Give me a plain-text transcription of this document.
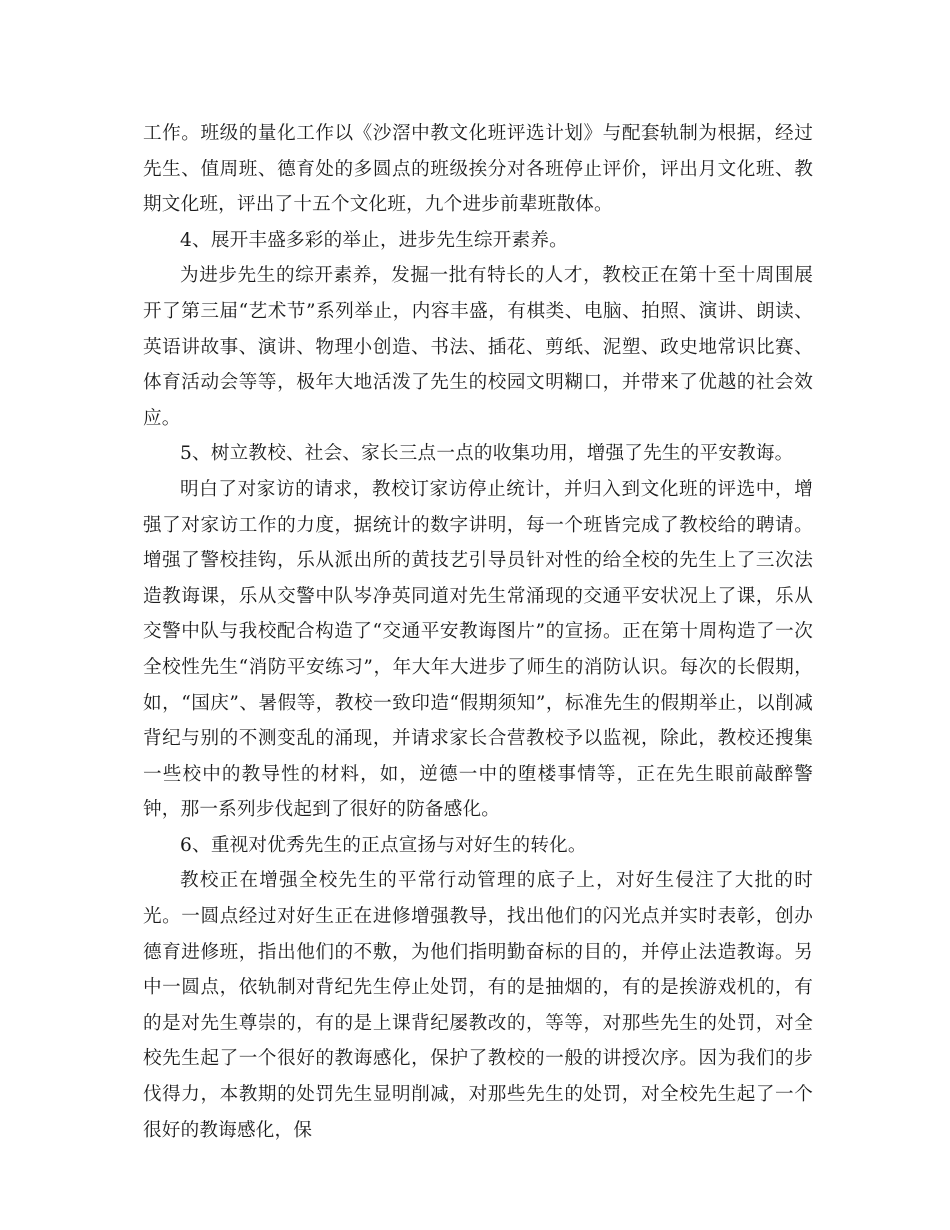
工作。班级的量化工作以《沙滘中教文化班评选计划》与配套轨制为根据，经过先生、值周班、德育处的多圆点的班级挨分对各班停止评价，评出月文化班、教期文化班，评出了十五个文化班，九个进步前辈班散体。

4、展开丰盛多彩的举止，进步先生综开素养。

为进步先生的综开素养，发掘一批有特长的人才，教校正在第十至十周围展开了第三届“艺术节”系列举止，内容丰盛，有棋类、电脑、拍照、演讲、朗读、英语讲故事、演讲、物理小创造、书法、插花、剪纸、泥塑、政史地常识比赛、体育活动会等等，极年大地活泼了先生的校园文明糊口，并带来了优越的社会效应。

5、树立教校、社会、家长三点一点的收集功用，增强了先生的平安教诲。

明白了对家访的请求，教校订家访停止统计，并归入到文化班的评选中，增强了对家访工作的力度，据统计的数字讲明，每一个班皆完成了教校给的聘请。增强了警校挂钩，乐从派出所的黄技艺引导员针对性的给全校的先生上了三次法造教诲课，乐从交警中队岑净英同道对先生常涌现的交通平安状况上了课，乐从交警中队与我校配合构造了“交通平安教诲图片”的宣扬。正在第十周构造了一次全校性先生“消防平安练习”，年大年大进步了师生的消防认识。每次的长假期，如，“国庆”、暑假等，教校一致印造“假期须知”，标准先生的假期举止，以削减背纪与别的不测变乱的涌现，并请求家长合营教校予以监视，除此，教校还搜集一些校中的教导性的材料，如，逆德一中的堕楼事情等，正在先生眼前敲醉警钟，那一系列步伐起到了很好的防备感化。

6、重视对优秀先生的正点宣扬与对好生的转化。

教校正在增强全校先生的平常行动管理的底子上，对好生侵注了大批的时光。一圆点经过对好生正在进修增强教导，找出他们的闪光点并实时表彰，创办德育进修班，指出他们的不敷，为他们指明勤奋标的目的，并停止法造教诲。另中一圆点，依轨制对背纪先生停止处罚，有的是抽烟的，有的是挨游戏机的，有的是对先生尊崇的，有的是上课背纪屡教改的，等等，对那些先生的处罚，对全校先生起了一个很好的教诲感化，保护了教校的一般的讲授次序。因为我们的步伐得力，本教期的处罚先生显明削减，对那些先生的处罚，对全校先生起了一个很好的教诲感化，保
